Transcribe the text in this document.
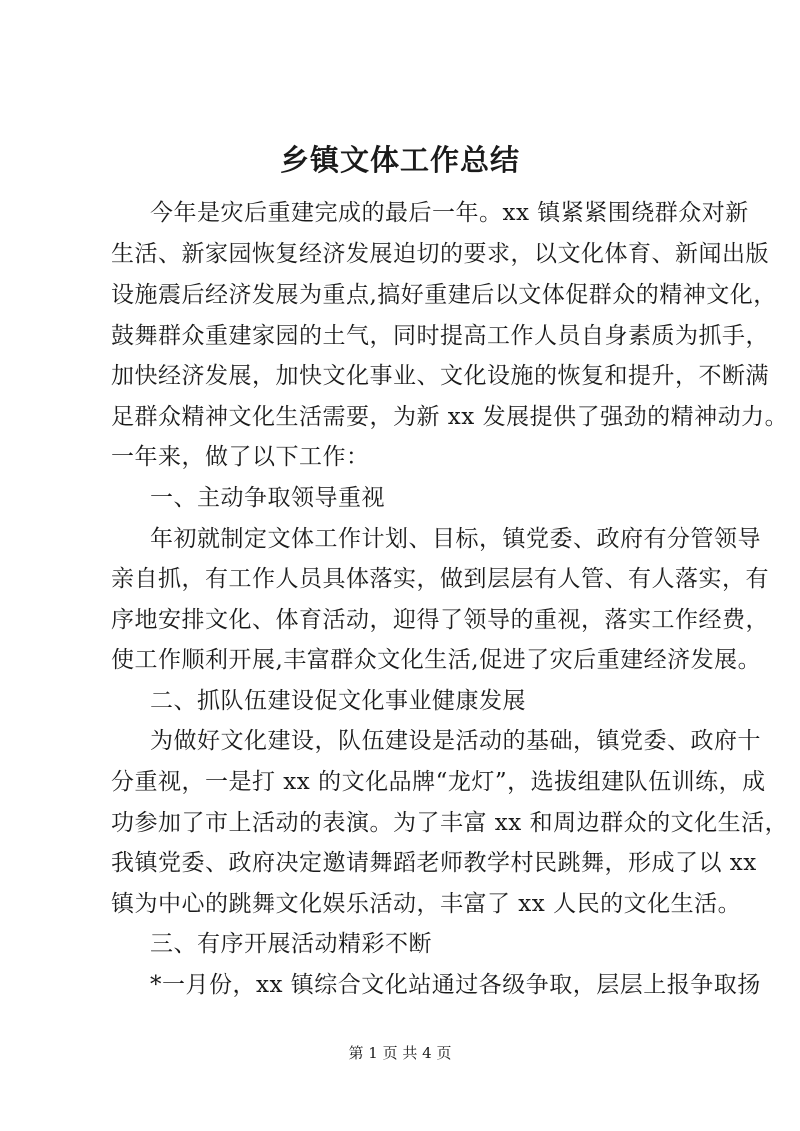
乡镇文体工作总结
今年是灾后重建完成的最后一年。xx 镇紧紧围绕群众对新
生活、新家园恢复经济发展迫切的要求，以文化体育、新闻出版
设施震后经济发展为重点,搞好重建后以文体促群众的精神文化，
鼓舞群众重建家园的土气，同时提高工作人员自身素质为抓手，
加快经济发展，加快文化事业、文化设施的恢复和提升，不断满
足群众精神文化生活需要，为新 xx 发展提供了强劲的精神动力。
一年来，做了以下工作：
一、主动争取领导重视
年初就制定文体工作计划、目标，镇党委、政府有分管领导
亲自抓，有工作人员具体落实，做到层层有人管、有人落实，有
序地安排文化、体育活动，迎得了领导的重视，落实工作经费，
使工作顺利开展,丰富群众文化生活,促进了灾后重建经济发展。
二、抓队伍建设促文化事业健康发展
为做好文化建设，队伍建设是活动的基础，镇党委、政府十
分重视，一是打 xx 的文化品牌“龙灯”，选拔组建队伍训练，成
功参加了市上活动的表演。为了丰富 xx 和周边群众的文化生活，
我镇党委、政府决定邀请舞蹈老师教学村民跳舞，形成了以 xx
镇为中心的跳舞文化娱乐活动，丰富了 xx 人民的文化生活。
三、有序开展活动精彩不断
*一月份，xx 镇综合文化站通过各级争取，层层上报争取扬
第 1 页 共 4 页
